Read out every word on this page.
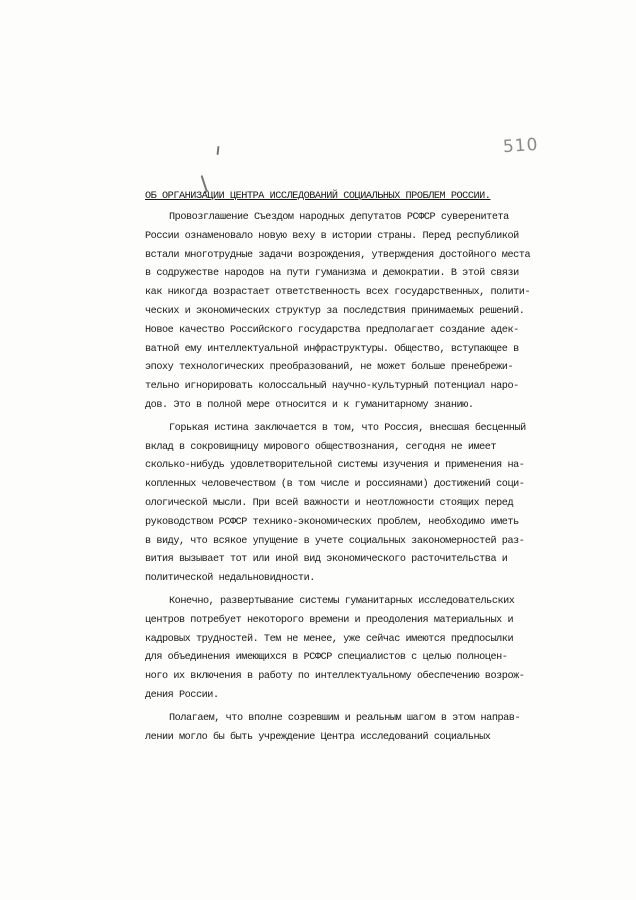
510
ОБ ОРГАНИЗАЦИИ ЦЕНТРА ИССЛЕДОВАНИЙ СОЦИАЛЬНЫХ ПРОБЛЕМ РОССИИ.
Провозглашение Съездом народных депутатов РСФСР суверенитета
России ознаменовало новую веху в истории страны. Перед республикой
встали многотрудные задачи возрождения, утверждения достойного места
в содружестве народов на пути гуманизма и демократии. В этой связи
как никогда возрастает ответственность всех государственных, полити-
ческих и экономических структур за последствия принимаемых решений.
Новое качество Российского государства предполагает создание адек-
ватной ему интеллектуальной инфраструктуры. Общество, вступающее в
эпоху технологических преобразований, не может больше пренебрежи-
тельно игнорировать колоссальный научно-культурный потенциал наро-
дов. Это в полной мере относится и к гуманитарному знанию.
Горькая истина заключается в том, что Россия, внесшая бесценный
вклад в сокровищницу мирового обществознания, сегодня не имеет
сколько-нибудь удовлетворительной системы изучения и применения на-
копленных человечеством (в том числе и россиянами) достижений соци-
ологической мысли. При всей важности и неотложности стоящих перед
руководством РСФСР технико-экономических проблем, необходимо иметь
в виду, что всякое упущение в учете социальных закономерностей раз-
вития вызывает тот или иной вид экономического расточительства и
политической недальновидности.
Конечно, развертывание системы гуманитарных исследовательских
центров потребует некоторого времени и преодоления материальных и
кадровых трудностей. Тем не менее, уже сейчас имеются предпосылки
для объединения имеющихся в РСФСР специалистов с целью полноцен-
ного их включения в работу по интеллектуальному обеспечению возрож-
дения России.
Полагаем, что вполне созревшим и реальным шагом в этом направ-
лении могло бы быть учреждение Центра исследований социальных
